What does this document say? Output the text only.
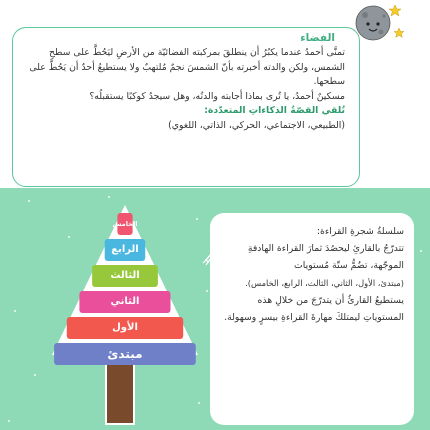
الفضاء
تمنَّى أحمدُ عندما يكبُرُ أن ينطلقَ بمركبته الفضائيّة من الأرضِ ليَحُطَّ على سطحِ الشمس، ولكن والدته أخبرته بأنّ الشمسَ نجمٌ مُلتهبٌ ولا يستطيعُ أحدٌ أن يَحُطَّ على سطحها.
مسكينٌ أحمدُ، يا تُرى بماذا أجابته والدتُه، وهل سيجدُ كوكبًا يستقبلُه؟
تُلقي القصّةُ الذكاءاتِ المتعدّدة:
(الطبيعي، الاجتماعي، الحركي، الذاتي، اللغوي)
الخامس
الرابع
الثالث
الثاني
الأول
مبتدئ
سلسلةُ شجرةِ القراءة:
تتدرّجُ بالقارئِ ليحصُدَ ثمارَ القراءة الهادفةِ الموجّهة، تضُمُّ ستّة مُستويات
(مبتدئ، الأول، الثاني، الثالث، الرابع، الخامس).
يستطيعُ القارئُ أن يتدرّجَ من خلالِ هذه المستوياتِ ليمتلكَ مهارةَ القراءةِ بيسرٍ وسهولة.
